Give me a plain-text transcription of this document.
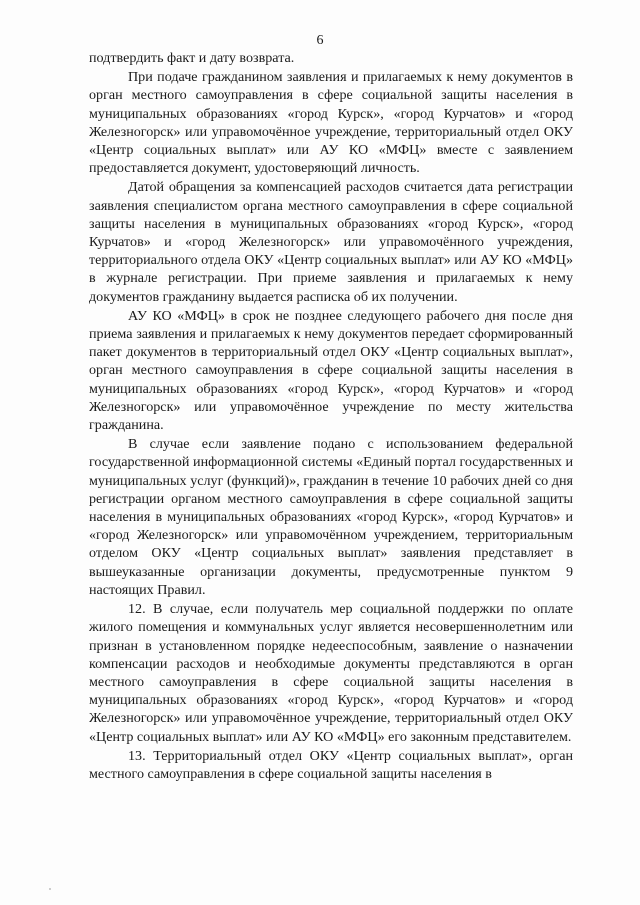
6

подтвердить факт и дату возврата.

При подаче гражданином заявления и прилагаемых к нему документов в орган местного самоуправления в сфере социальной защиты населения в муниципальных образованиях «город Курск», «город Курчатов» и «город Железногорск» или управомочённое учреждение, территориальный отдел ОКУ «Центр социальных выплат» или АУ КО «МФЦ» вместе с заявлением предоставляется документ, удостоверяющий личность.

Датой обращения за компенсацией расходов считается дата регистрации заявления специалистом органа местного самоуправления в сфере социальной защиты населения в муниципальных образованиях «город Курск», «город Курчатов» и «город Железногорск» или управомочённого учреждения, территориального отдела ОКУ «Центр социальных выплат» или АУ КО «МФЦ» в журнале регистрации. При приеме заявления и прилагаемых к нему документов гражданину выдается расписка об их получении.

АУ КО «МФЦ» в срок не позднее следующего рабочего дня после дня приема заявления и прилагаемых к нему документов передает сформированный пакет документов в территориальный отдел ОКУ «Центр социальных выплат», орган местного самоуправления в сфере социальной защиты населения в муниципальных образованиях «город Курск», «город Курчатов» и «город Железногорск» или управомочённое учреждение по месту жительства гражданина.

В случае если заявление подано с использованием федеральной государственной информационной системы «Единый портал государственных и муниципальных услуг (функций)», гражданин в течение 10 рабочих дней со дня регистрации органом местного самоуправления в сфере социальной защиты населения в муниципальных образованиях «город Курск», «город Курчатов» и «город Железногорск» или управомочённом учреждением, территориальным отделом ОКУ «Центр социальных выплат» заявления представляет в вышеуказанные организации документы, предусмотренные пунктом 9 настоящих Правил.

12. В случае, если получатель мер социальной поддержки по оплате жилого помещения и коммунальных услуг является несовершеннолетним или признан в установленном порядке недееспособным, заявление о назначении компенсации расходов и необходимые документы представляются в орган местного самоуправления в сфере социальной защиты населения в муниципальных образованиях «город Курск», «город Курчатов» и «город Железногорск» или управомочённое учреждение, территориальный отдел ОКУ «Центр социальных выплат» или АУ КО «МФЦ» его законным представителем.

13. Территориальный отдел ОКУ «Центр социальных выплат», орган местного самоуправления в сфере социальной защиты населения в
